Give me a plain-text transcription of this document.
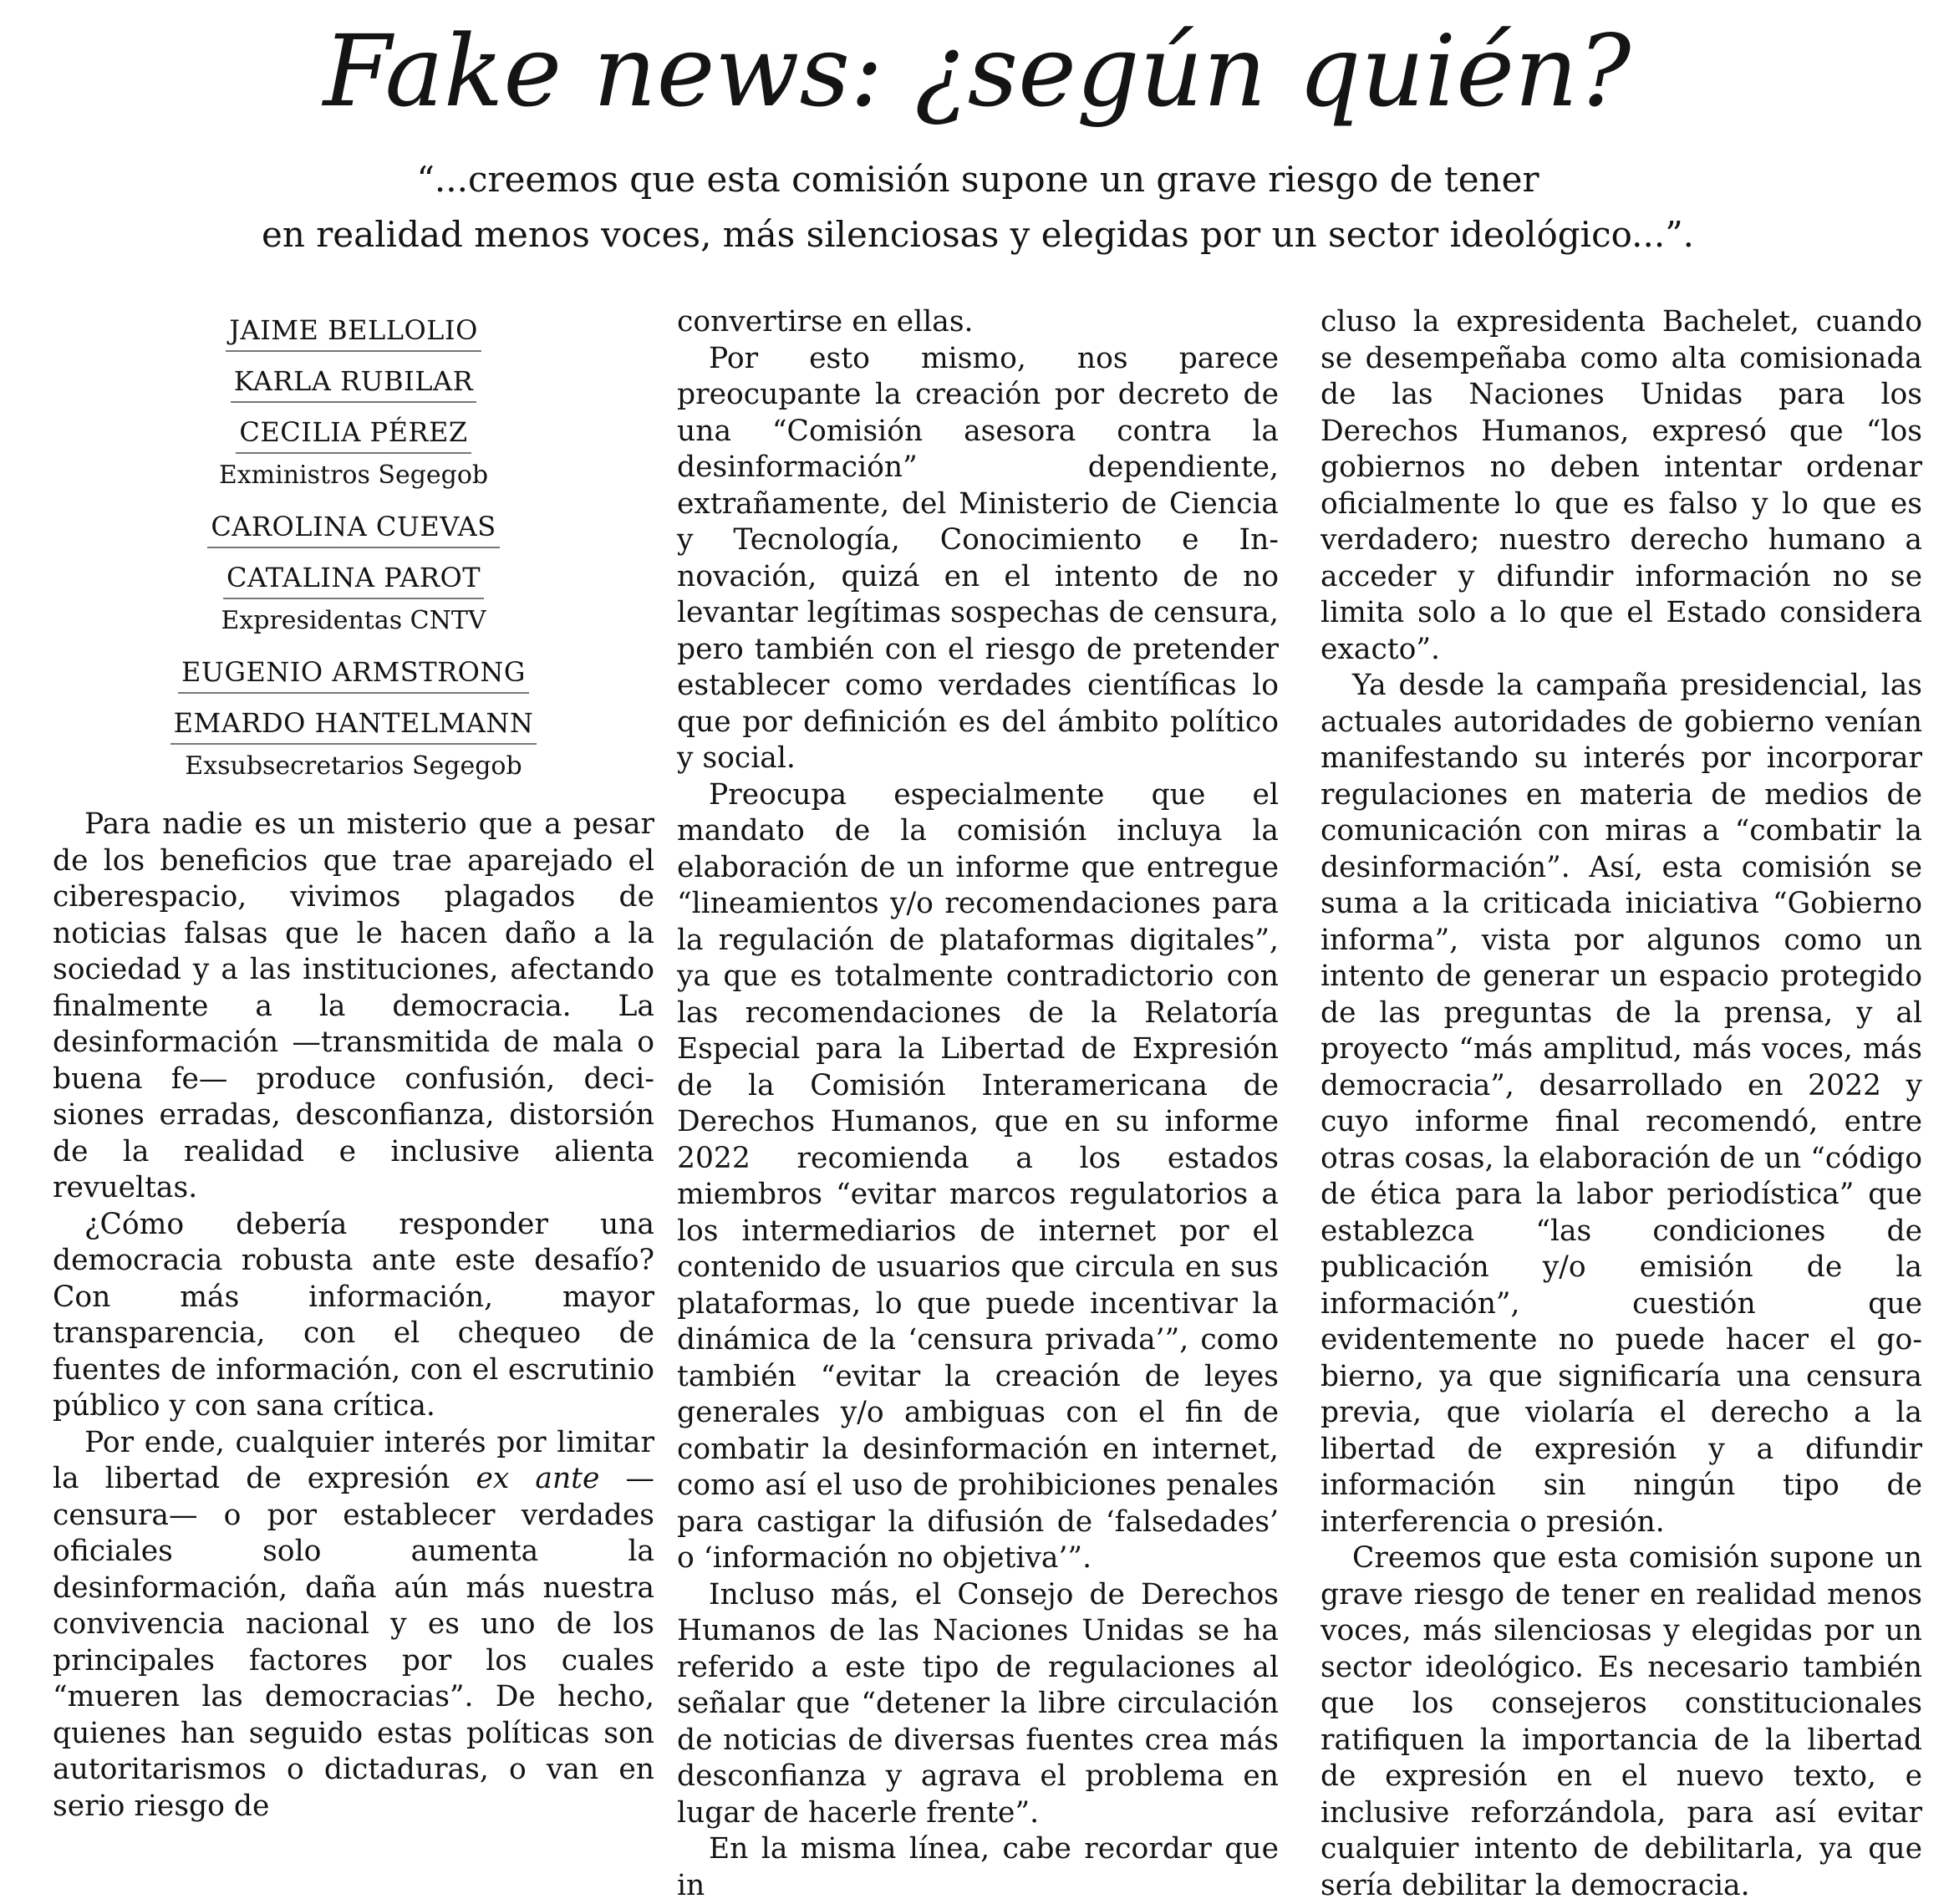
Fake news: ¿según quién?
“...creemos que esta comisión supone un grave riesgo de tener
en realidad menos voces, más silenciosas y elegidas por un sector ideológico...”.
JAIME BELLOLIO
KARLA RUBILAR
CECILIA PÉREZ
Exministros Segegob
CAROLINA CUEVAS
CATALINA PAROT
Expresidentas CNTV
EUGENIO ARMSTRONG
EMARDO HANTELMANN
Exsubsecretarios Segegob

Para nadie es un misterio que a pesar de los beneficios que trae aparejado el ciberespacio, vivimos plagados de noticias falsas que le hacen daño a la sociedad y a las instituciones, afectando finalmente a la democracia. La desinformación —transmitida de mala o buena fe— produce confusión, decisiones erradas, desconfianza, distorsión de la realidad e inclusive alienta revueltas.

¿Cómo debería responder una democracia robusta ante este desafío? Con más información, mayor transparencia, con el chequeo de fuentes de información, con el escrutinio público y con sana crítica.

Por ende, cualquier interés por limitar la libertad de expresión ex ante —censura— o por establecer verdades oficiales solo aumenta la desinformación, daña aún más nuestra convivencia nacional y es uno de los principales factores por los cuales “mueren las democracias”. De hecho, quienes han seguido estas políticas son autoritarismos o dictaduras, o van en serio riesgo de

convertirse en ellas.

Por esto mismo, nos parece preocupante la creación por decreto de una “Comisión asesora contra la desinformación” dependiente, extrañamente, del Ministerio de Ciencia y Tecnología, Conocimiento e Innovación, quizá en el intento de no levantar legítimas sospechas de censura, pero también con el riesgo de pretender establecer como verdades científicas lo que por definición es del ámbito político y social.

Preocupa especialmente que el mandato de la comisión incluya la elaboración de un informe que entregue “lineamientos y/o recomendaciones para la regulación de plataformas digitales”, ya que es totalmente contradictorio con las recomendaciones de la Relatoría Especial para la Libertad de Expresión de la Comisión Interamericana de Derechos Humanos, que en su informe 2022 recomienda a los estados miembros “evitar marcos regulatorios a los intermediarios de internet por el contenido de usuarios que circula en sus plataformas, lo que puede incentivar la dinámica de la ‘censura privada’”, como también “evitar la creación de leyes generales y/o ambiguas con el fin de combatir la desinformación en internet, como así el uso de prohibiciones penales para castigar la difusión de ‘falsedades’ o ‘información no objetiva’”.

Incluso más, el Consejo de Derechos Humanos de las Naciones Unidas se ha referido a este tipo de regulaciones al señalar que “detener la libre circulación de noticias de diversas fuentes crea más desconfianza y agrava el problema en lugar de hacerle frente”.

En la misma línea, cabe recordar que in

cluso la expresidenta Bachelet, cuando se desempeñaba como alta comisionada de las Naciones Unidas para los Derechos Humanos, expresó que “los gobiernos no deben intentar ordenar oficialmente lo que es falso y lo que es verdadero; nuestro derecho humano a acceder y difundir información no se limita solo a lo que el Estado considera exacto”.

Ya desde la campaña presidencial, las actuales autoridades de gobierno venían manifestando su interés por incorporar regulaciones en materia de medios de comunicación con miras a “combatir la desinformación”. Así, esta comisión se suma a la criticada iniciativa “Gobierno informa”, vista por algunos como un intento de generar un espacio protegido de las preguntas de la prensa, y al proyecto “más amplitud, más voces, más democracia”, desarrollado en 2022 y cuyo informe final recomendó, entre otras cosas, la elaboración de un “código de ética para la labor periodística” que establezca “las condiciones de publicación y/o emisión de la información”, cuestión que evidentemente no puede hacer el gobierno, ya que significaría una censura previa, que violaría el derecho a la libertad de expresión y a difundir información sin ningún tipo de interferencia o presión.

Creemos que esta comisión supone un grave riesgo de tener en realidad menos voces, más silenciosas y elegidas por un sector ideológico. Es necesario también que los consejeros constitucionales ratifiquen la importancia de la libertad de expresión en el nuevo texto, e inclusive reforzándola, para así evitar cualquier intento de debilitarla, ya que sería debilitar la democracia.
